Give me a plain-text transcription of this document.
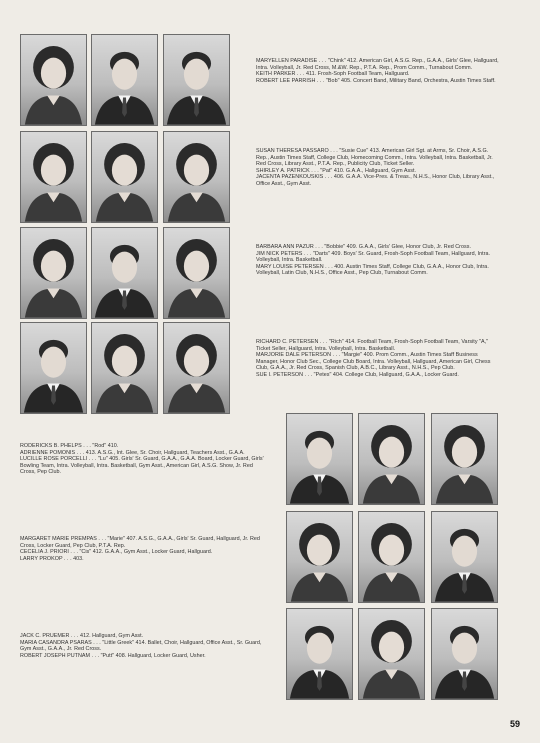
MARYELLEN PARADISE . . . "Chink" 412. American Girl, A.S.G. Rep., G.A.A., Girls' Glee, Hallguard, Intra. Volleyball, Jr. Red Cross, M.&W. Rep., P.T.A. Rep., Prom Comm., Turnabout Comm.

KEITH PARKER . . . 411. Frosh-Soph Football Team, Hallguard.

ROBERT LEE PARRISH . . . "Bob" 405. Concert Band, Military Band, Orchestra, Austin Times Staff.

SUSAN THERESA PASSARO . . . "Susie Cue" 413. American Girl Sgt. at Arms, Sr. Choir, A.S.G. Rep., Austin Times Staff, College Club, Homecoming Comm., Intra. Volleyball, Intra. Basketball, Jr. Red Cross, Library Asst., P.T.A. Rep., Publicity Club, Ticket Seller.

SHIRLEY A. PATRICK . . . "Pat" 410. G.A.A., Hallguard, Gym Asst.

JACENTA PAZENKOUSKIS . . . 406. G.A.A. Vice-Pres. & Treas., N.H.S., Honor Club, Library Asst., Office Asst., Gym Asst.

BARBARA ANN PAZUR . . . "Bobbie" 409. G.A.A., Girls' Glee, Honor Club, Jr. Red Cross.

JIM NICK PETERS . . . "Darts" 409. Boys' Sr. Guard, Frosh-Soph Football Team, Hallguard, Intra. Volleyball, Intra. Basketball.

MARY LOUISE PETERSEN . . . 400. Austin Times Staff, College Club, G.A.A., Honor Club, Intra. Volleyball, Latin Club, N.H.S., Office Asst., Pep Club, Turnabout Comm.

RICHARD C. PETERSEN . . . "Rich" 414. Football Team, Frosh-Soph Football Team, Varsity "A," Ticket Seller, Hallguard, Intra. Volleyball, Intra. Basketball.

MARJORIE DALE PETERSON . . . "Margie" 400. Prom Comm., Austin Times Staff Business Manager, Honor Club Sec., College Club Board, Intra. Volleyball, Hallguard, American Girl, Chess Club, G.A.A., Jr. Red Cross, Spanish Club, A.B.C., Library Asst., N.H.S., Pep Club.

SUE I. PETERSON . . . "Petes" 404. College Club, Hallguard, G.A.A., Locker Guard.

RODERICKS B. PHELPS . . . "Rod" 410.

ADRIENNE POMONIS . . . 413. A.S.G., Int. Glee, Sr. Choir, Hallguard, Teachers Asst., G.A.A.

LUCILLE ROSE PORCELLI . . . "Lu" 405. Girls' Sr. Guard, G.A.A., G.A.A. Board, Locker Guard, Girls' Bowling Team, Intra. Volleyball, Intra. Basketball, Gym Asst., American Girl, A.S.G. Show, Jr. Red Cross, Pep Club.

MARGARET MARIE PREMPAS . . . "Marie" 407. A.S.G., G.A.A., Girls' Sr. Guard, Hallguard, Jr. Red Cross, Locker Guard, Pep Club, P.T.A. Rep.

CECELIA J. PRIORI . . . "Cis" 412. G.A.A., Gym Asst., Locker Guard, Hallguard.

LARRY PROKOP . . . 403.

JACK C. PRUEMER . . . 412. Hallguard, Gym Asst.

MARIA CASANDRA PSARAS . . . "Little Greek" 414. Ballet, Choir, Hallguard, Office Asst., Sr. Guard, Gym Asst., G.A.A., Jr. Red Cross.

ROBERT JOSEPH PUTNAM . . . "Putt" 408. Hallguard, Locker Guard, Usher.

59
